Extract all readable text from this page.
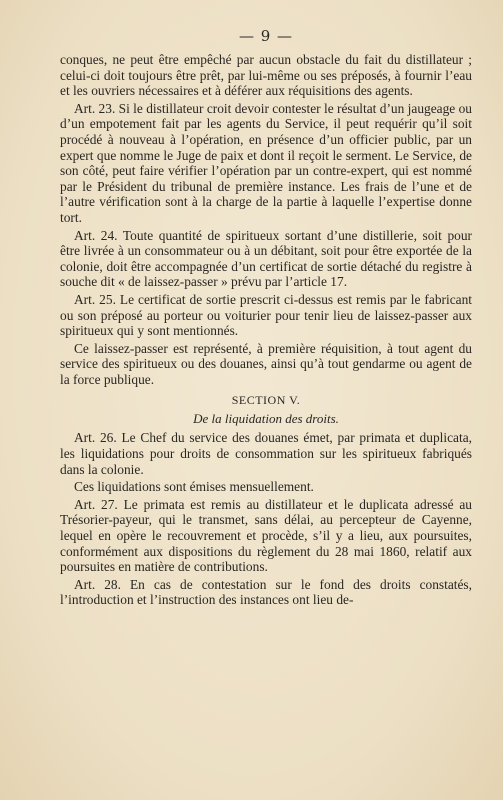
— 9 —

conques, ne peut être empêché par aucun obstacle du fait du distillateur ; celui-ci doit toujours être prêt, par lui-même ou ses préposés, à fournir l’eau et les ouvriers nécessaires et à déférer aux réquisitions des agents.

Art. 23. Si le distillateur croit devoir contester le résultat d’un jaugeage ou d’un empotement fait par les agents du Service, il peut requérir qu’il soit procédé à nouveau à l’opération, en présence d’un officier public, par un expert que nomme le Juge de paix et dont il reçoit le serment. Le Service, de son côté, peut faire vérifier l’opération par un contre-expert, qui est nommé par le Président du tribunal de première instance. Les frais de l’une et de l’autre vérification sont à la charge de la partie à laquelle l’expertise donne tort.

Art. 24. Toute quantité de spiritueux sortant d’une distillerie, soit pour être livrée à un consommateur ou à un débitant, soit pour être exportée de la colonie, doit être accompagnée d’un certificat de sortie détaché du registre à souche dit « de laissez-passer » prévu par l’article 17.

Art. 25. Le certificat de sortie prescrit ci-dessus est remis par le fabricant ou son préposé au porteur ou voiturier pour tenir lieu de laissez-passer aux spiritueux qui y sont mentionnés.

Ce laissez-passer est représenté, à première réquisition, à tout agent du service des spiritueux ou des douanes, ainsi qu’à tout gendarme ou agent de la force publique.

SECTION V.
De la liquidation des droits.

Art. 26. Le Chef du service des douanes émet, par primata et duplicata, les liquidations pour droits de consommation sur les spiritueux fabriqués dans la colonie.

Ces liquidations sont émises mensuellement.

Art. 27. Le primata est remis au distillateur et le duplicata adressé au Trésorier-payeur, qui le transmet, sans délai, au percepteur de Cayenne, lequel en opère le recouvrement et procède, s’il y a lieu, aux poursuites, conformément aux dispositions du règlement du 28 mai 1860, relatif aux poursuites en matière de contributions.

Art. 28. En cas de contestation sur le fond des droits constatés, l’introduction et l’instruction des instances ont lieu de-
